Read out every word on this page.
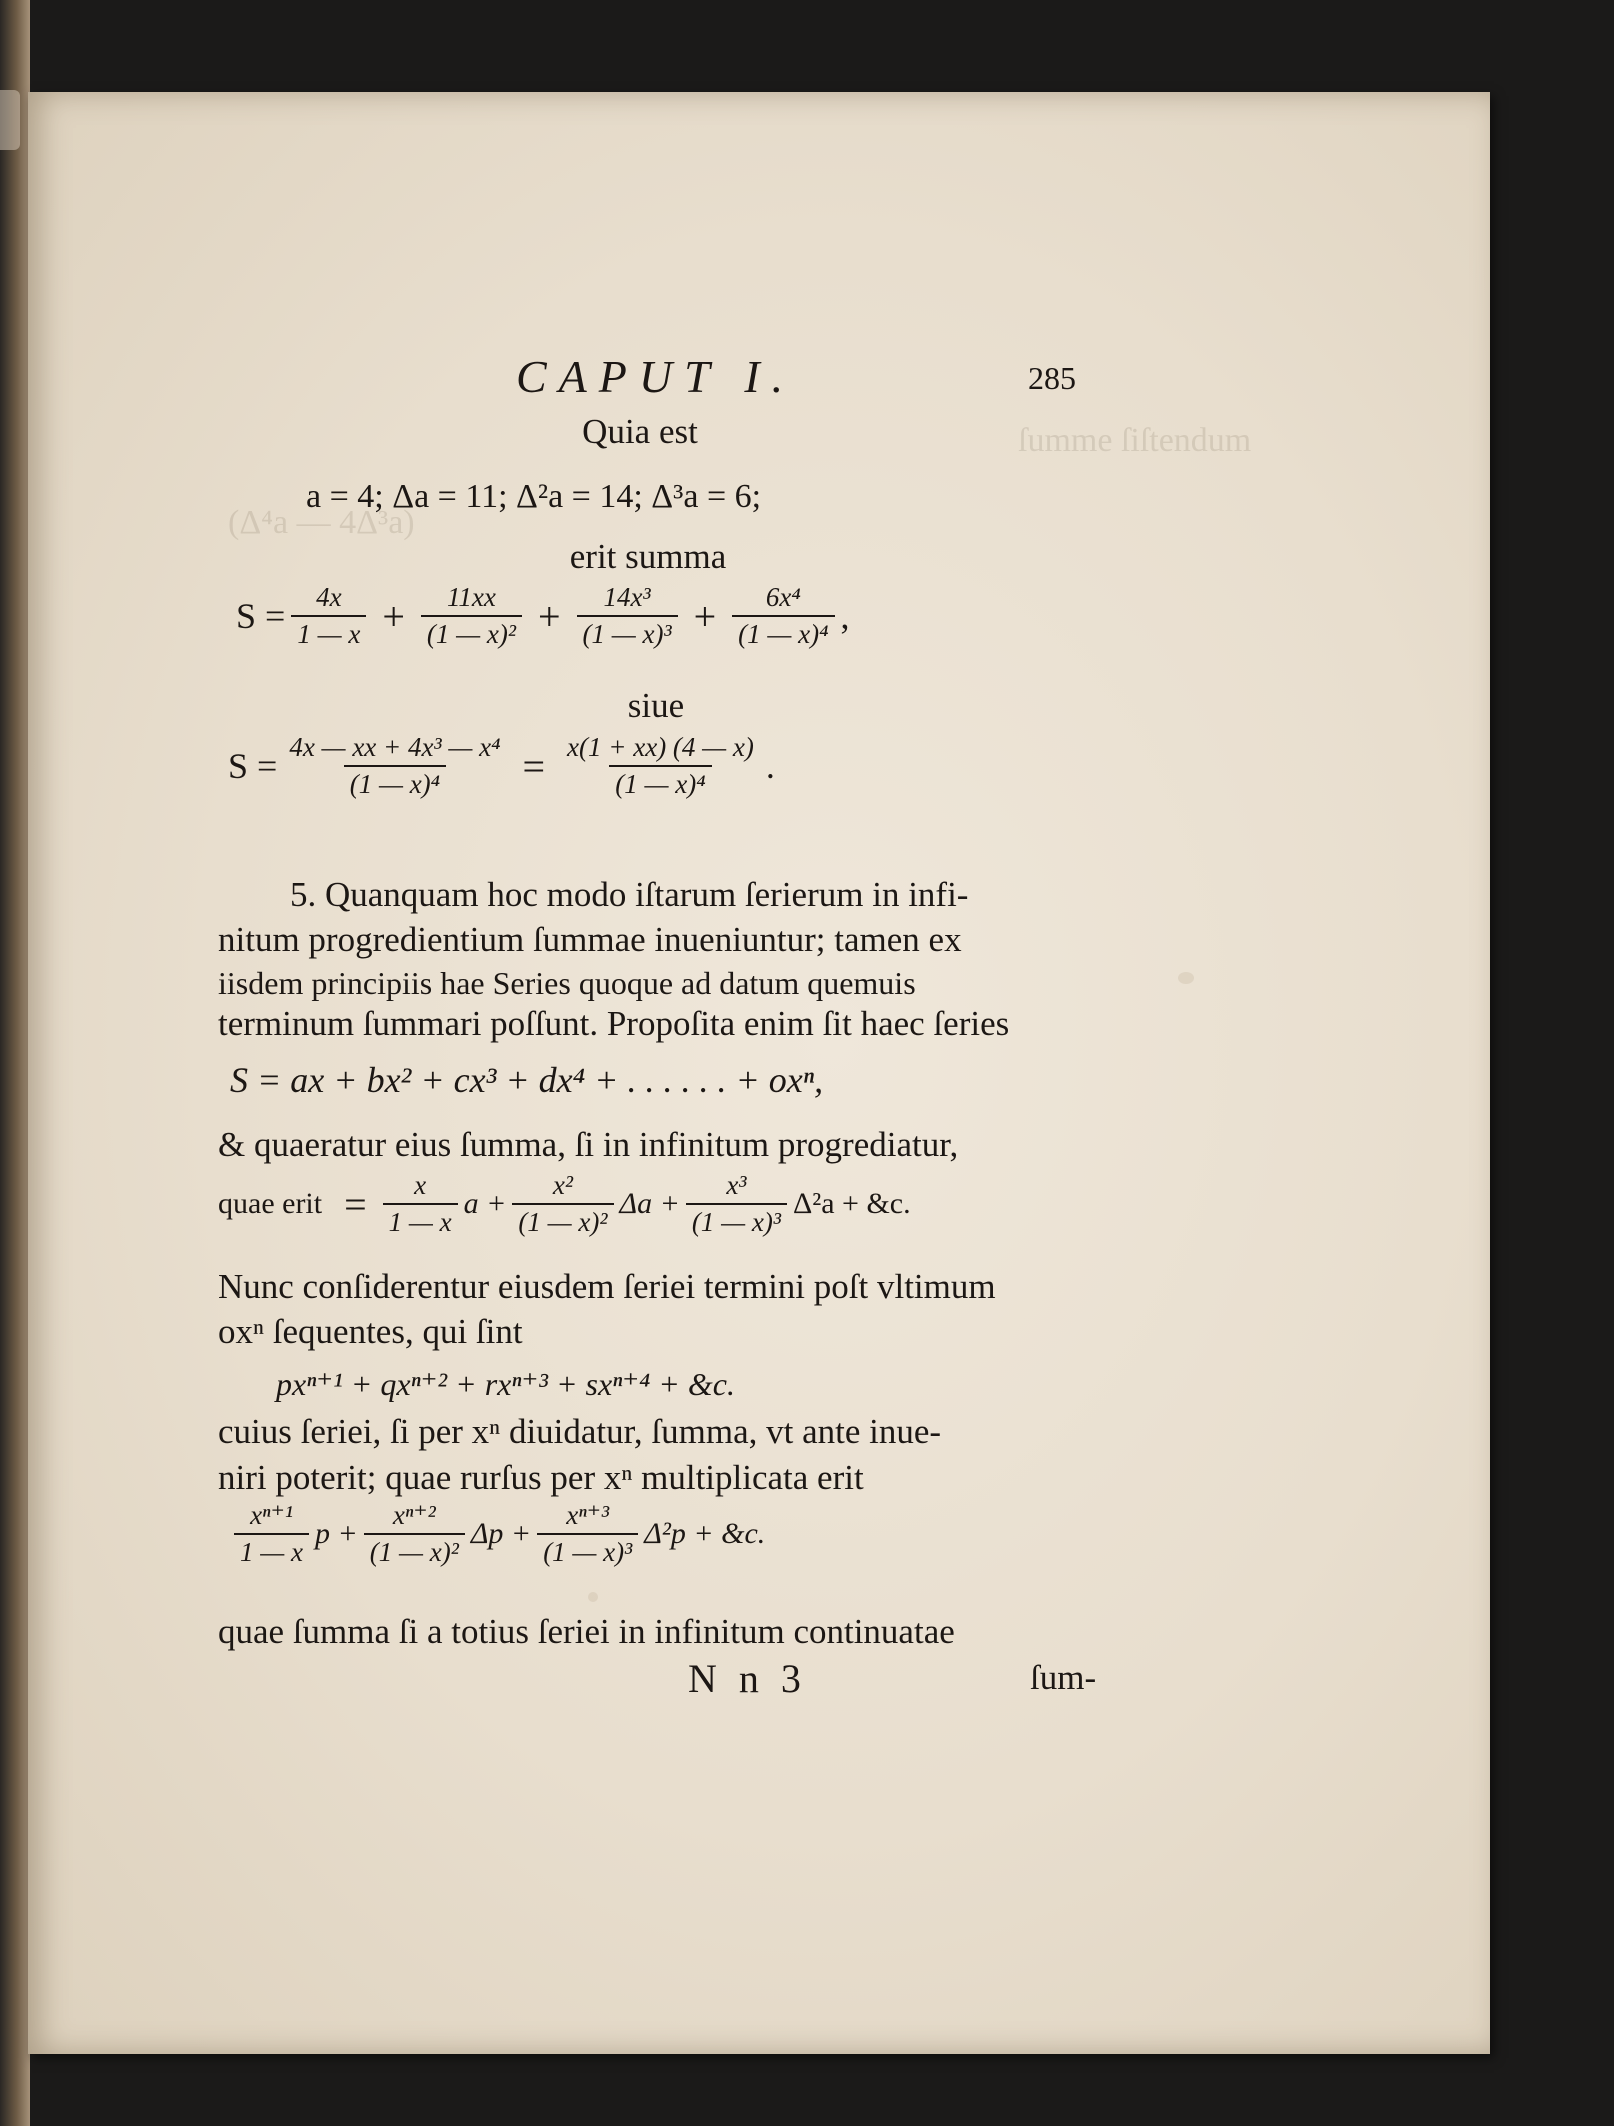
ſumme ſiſtendum
(Δ⁴a — 4Δ³a)
CAPUT I.	285
Quia est
a = 4; Δa = 11; Δ²a = 14; Δ³a = 6;
erit summa
$S = \frac{4x}{1 — x} + \frac{11xx}{\text{(1 — x)²}} + \frac{\text{14x³}}{\text{(1 — x)³}} + \frac{\text{6x⁴}}{\text{(1 — x)⁴}}$ ,
siue
$S = \frac{\text{4x — xx + 4x³ — x⁴}}{\text{(1 — x)⁴}} = \frac{x(1 + xx) (4 — x)}{\text{(1 — x)⁴}}$ .
5. Quanquam hoc modo iſtarum ſerierum in infi-
nitum progredientium ſummae inueniuntur; tamen ex
iisdem principiis hae Series quoque ad datum quemuis
terminum ſummari poſſunt. Propoſita enim ſit haec ſeries
S = ax + bx² + cx³ + dx⁴ + . . . . . . + oxⁿ,
& quaeratur eius ſumma, ſi in infinitum progrediatur,
quae erit = $\frac{x}{1 — x}$ $a + \frac{\text{x²}}{\text{(1 — x)²}}$ $\Delta a + \frac{\text{x³}}{\text{(1 — x)³}} \Delta^2a$ + &c.
Nunc conſiderentur eiusdem ſeriei termini poſt vltimum
oxⁿ ſequentes, qui ſint
pxⁿ⁺¹ + qxⁿ⁺² + rxⁿ⁺³ + sxⁿ⁺⁴ + &c.
cuius ſeriei, ſi per xⁿ diuidatur, ſumma, vt ante inue-
niri poterit; quae rurſus per xⁿ multiplicata erit
$\frac{\text{xⁿ⁺¹}}{1 — x}$ $p + \frac{\text{xⁿ⁺²}}{\text{(1 — x)²}}$ $\Delta p + \frac{\text{xⁿ⁺³}}{\text{(1 — x)³}} \Delta^2p$ + &c.
quae ſumma ſi a totius ſeriei in infinitum continuatae
N n 3	ſum-
